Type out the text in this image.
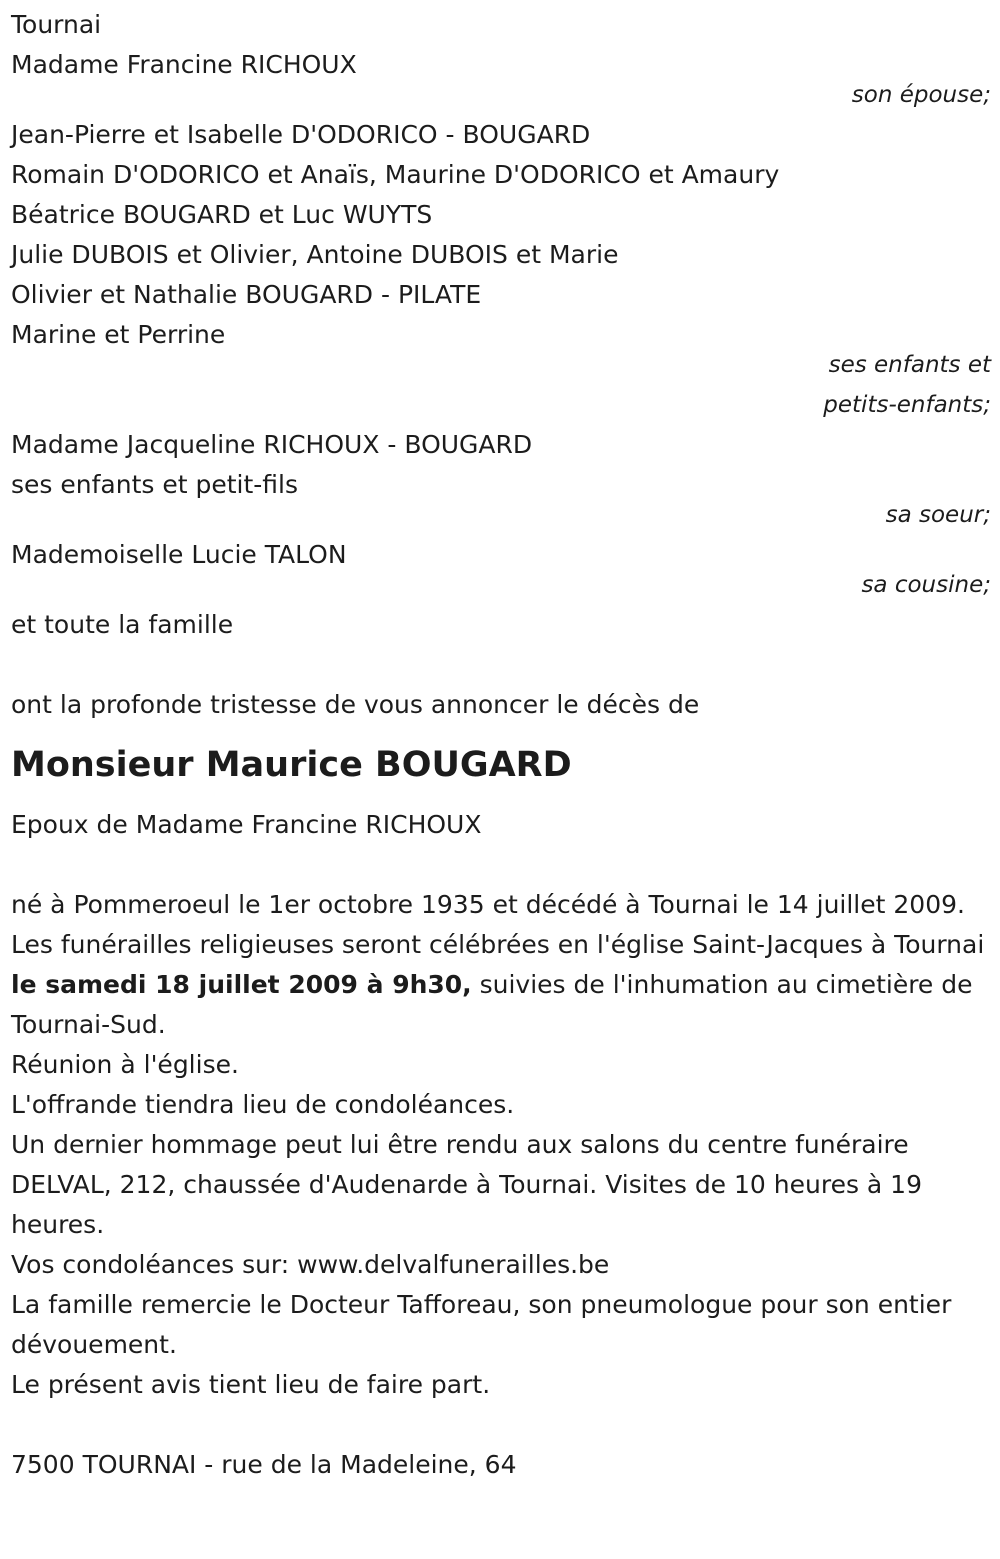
Tournai
Madame Francine RICHOUX
son épouse;
Jean-Pierre et Isabelle D'ODORICO - BOUGARD
Romain D'ODORICO et Anaïs, Maurine D'ODORICO et Amaury
Béatrice BOUGARD et Luc WUYTS
Julie DUBOIS et Olivier, Antoine DUBOIS et Marie
Olivier et Nathalie BOUGARD - PILATE
Marine et Perrine
ses enfants et
petits-enfants;
Madame Jacqueline RICHOUX - BOUGARD
ses enfants et petit-fils
sa soeur;
Mademoiselle Lucie TALON
sa cousine;
et toute la famille
ont la profonde tristesse de vous annoncer le décès de
Monsieur Maurice BOUGARD
Epoux de Madame Francine RICHOUX
né à Pommeroeul le 1er octobre 1935 et décédé à Tournai le 14 juillet 2009.
Les funérailles religieuses seront célébrées en l'église Saint-Jacques à Tournai le samedi 18 juillet 2009 à 9h30, suivies de l'inhumation au cimetière de Tournai-Sud.
Réunion à l'église.
L'offrande tiendra lieu de condoléances.
Un dernier hommage peut lui être rendu aux salons du centre funéraire DELVAL, 212, chaussée d'Audenarde à Tournai. Visites de 10 heures à 19 heures.
Vos condoléances sur: www.delvalfunerailles.be
La famille remercie le Docteur Tafforeau, son pneumologue pour son entier dévouement.
Le présent avis tient lieu de faire part.
7500 TOURNAI - rue de la Madeleine, 64
